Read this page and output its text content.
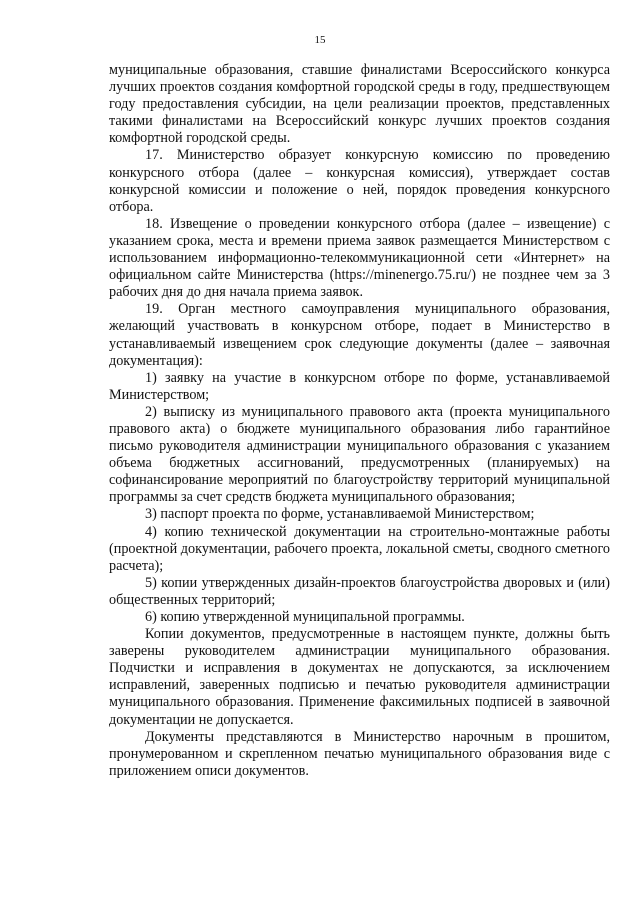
15

муниципальные образования, ставшие финалистами Всероссийского конкурса лучших проектов создания комфортной городской среды в году, предшествующем году предоставления субсидии, на цели реализации проектов, представленных такими финалистами на Всероссийский конкурс лучших проектов создания комфортной городской среды.

17. Министерство образует конкурсную комиссию по проведению конкурсного отбора (далее – конкурсная комиссия), утверждает состав конкурсной комиссии и положение о ней, порядок проведения конкурсного отбора.

18. Извещение о проведении конкурсного отбора (далее – извещение) с указанием срока, места и времени приема заявок размещается Министерством с использованием информационно-телекоммуникационной сети «Интернет» на официальном сайте Министерства (https://minenergo.75.ru/) не позднее чем за 3 рабочих дня до дня начала приема заявок.

19. Орган местного самоуправления муниципального образования, желающий участвовать в конкурсном отборе, подает в Министерство в устанавливаемый извещением срок следующие документы (далее – заявочная документация):

1) заявку на участие в конкурсном отборе по форме, устанавливаемой Министерством;

2) выписку из муниципального правового акта (проекта муниципального правового акта) о бюджете муниципального образования либо гарантийное письмо руководителя администрации муниципального образования с указанием объема бюджетных ассигнований, предусмотренных (планируемых) на софинансирование мероприятий по благоустройству территорий муниципальной программы за счет средств бюджета муниципального образования;

3) паспорт проекта по форме, устанавливаемой Министерством;

4) копию технической документации на строительно-монтажные работы (проектной документации, рабочего проекта, локальной сметы, сводного сметного расчета);

5) копии утвержденных дизайн-проектов благоустройства дворовых и (или) общественных территорий;

6) копию утвержденной муниципальной программы.

Копии документов, предусмотренные в настоящем пункте, должны быть заверены руководителем администрации муниципального образования. Подчистки и исправления в документах не допускаются, за исключением исправлений, заверенных подписью и печатью руководителя администрации муниципального образования. Применение факсимильных подписей в заявочной документации не допускается.

Документы представляются в Министерство нарочным в прошитом, пронумерованном и скрепленном печатью муниципального образования виде с приложением описи документов.
